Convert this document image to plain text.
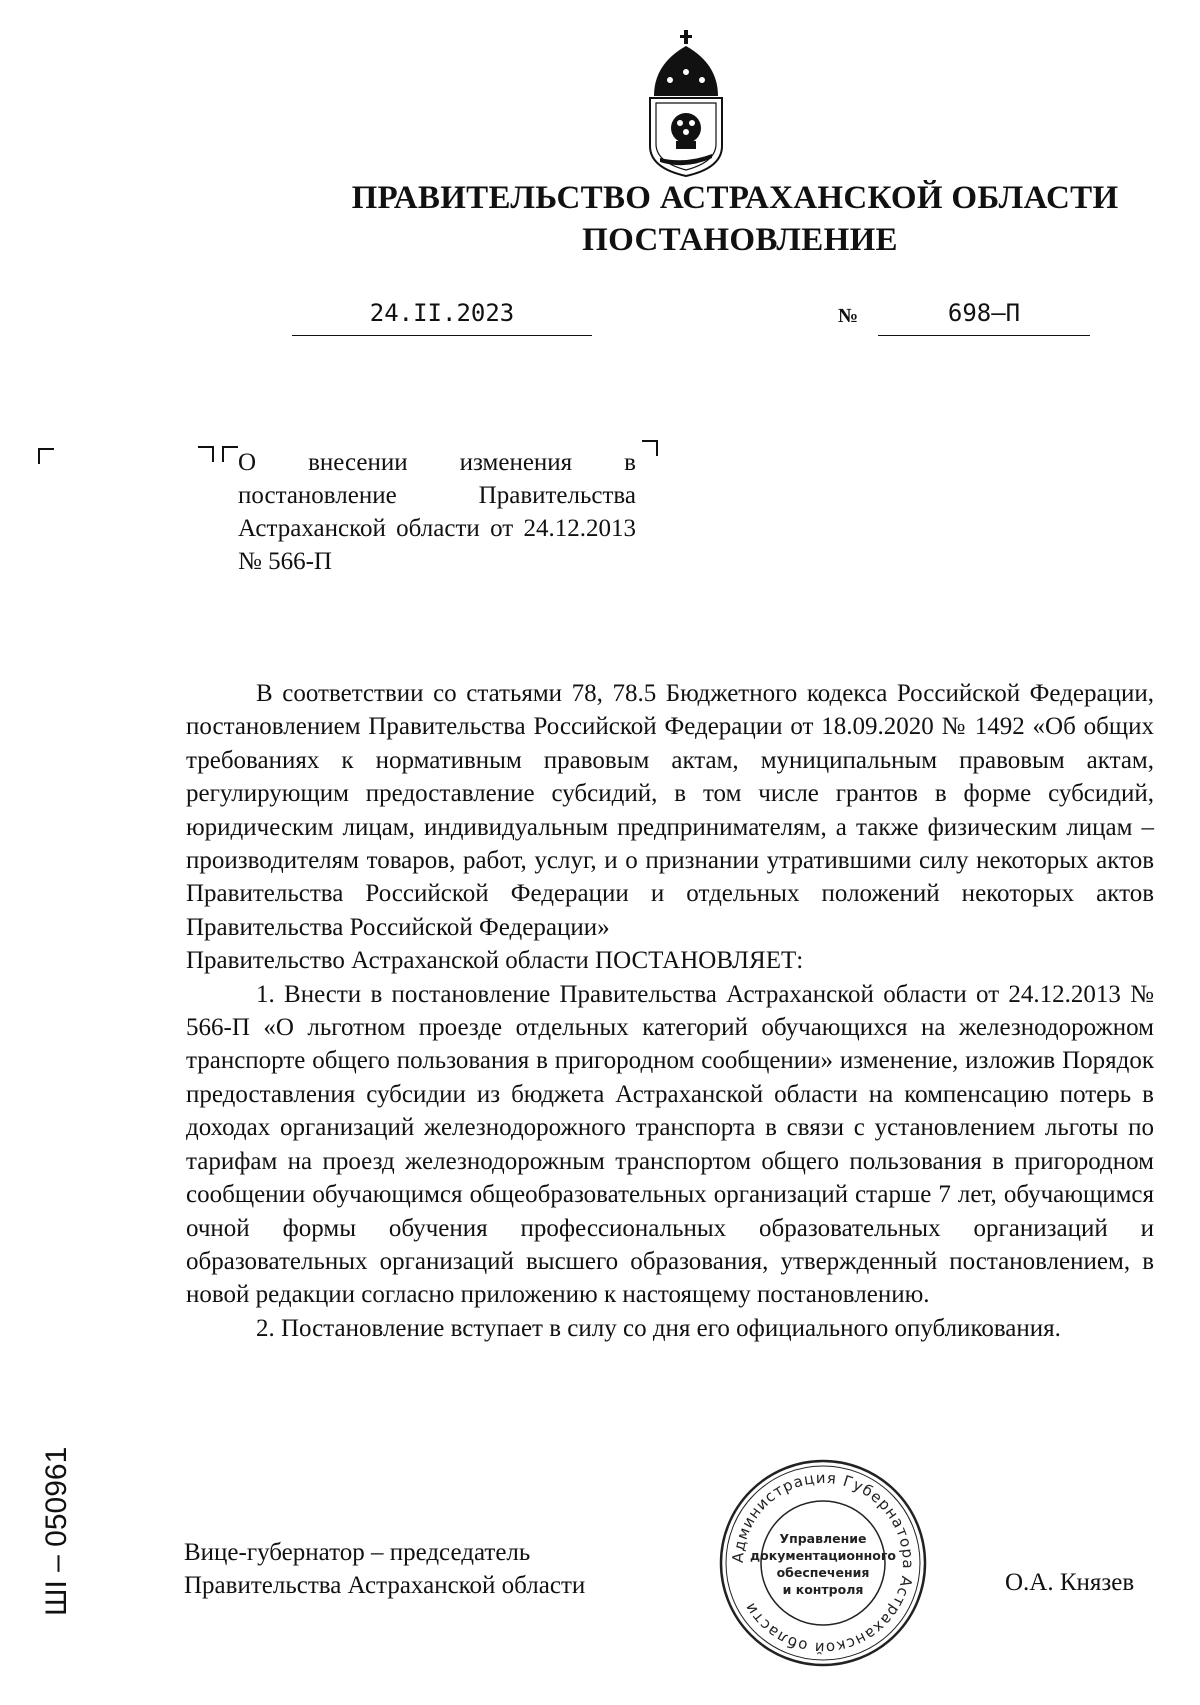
ПРАВИТЕЛЬСТВО АСТРАХАНСКОЙ ОБЛАСТИ
ПОСТАНОВЛЕНИЕ
24.II.2023	№	698–П
О внесении изменения в постановление Правительства Астраханской области от 24.12.2013 № 566-П

В соответствии со статьями 78, 78.5 Бюджетного кодекса Российской Федерации, постановлением Правительства Российской Федерации от 18.09.2020 № 1492 «Об общих требованиях к нормативным правовым актам, муниципальным правовым актам, регулирующим предоставление субсидий, в том числе грантов в форме субсидий, юридическим лицам, индивидуальным предпринимателям, а также физическим лицам – производителям товаров, работ, услуг, и о признании утратившими силу некоторых актов Правительства Российской Федерации и отдельных положений некоторых актов Правительства Российской Федерации»

Правительство Астраханской области ПОСТАНОВЛЯЕТ:

1. Внести в постановление Правительства Астраханской области от 24.12.2013 № 566-П «О льготном проезде отдельных категорий обучающихся на железнодорожном транспорте общего пользования в пригородном сообщении» изменение, изложив Порядок предоставления субсидии из бюджета Астраханской области на компенсацию потерь в доходах организаций железнодорожного транспорта в связи с установлением льготы по тарифам на проезд железнодорожным транспортом общего пользования в пригородном сообщении обучающимся общеобразовательных организаций старше 7 лет, обучающимся очной формы обучения профессиональных образовательных организаций и образовательных организаций высшего образования, утвержденный постановлением, в новой редакции согласно приложению к настоящему постановлению.

2. Постановление вступает в силу со дня его официального опубликования.

Вице-губернатор – председатель
Правительства Астраханской области	О.А. Князев
Администрация Губернатора Астраханской области
Управление
документационного
обеспечения
и контроля
ШІ – 050961
